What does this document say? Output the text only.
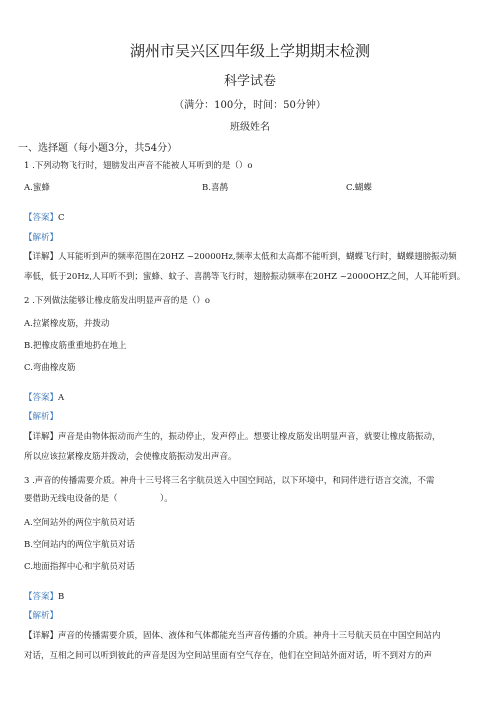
湖州市吴兴区四年级上学期期末检测
科学试卷
（满分：100分，时间：50分钟）
班级姓名
一、选择题（每小题3分，共54分）
1 .下列动物飞行时，翅膀发出声音不能被人耳听到的是（）o
A.蜜蜂	B.喜鹊	C.蝴蝶
【答案】C
【解析】
【详解】人耳能听到声的频率范围在20HZ ~20000Hz,频率太低和太高都不能听到，蝴蝶飞行时，蝴蝶翅膀振动频
率低，低于20Hz,人耳听不到；蜜蜂、蚊子、喜鹊等飞行时，翅膀振动频率在20HZ ~2000OHZ之间，人耳能听到。
2 .下列做法能够让橡皮筋发出明显声音的是（）o
A.拉紧橡皮筋，并拨动
B.把橡皮筋重重地扔在地上
C.弯曲橡皮筋
【答案】A
【解析】
【详解】声音是由物体振动而产生的，振动停止，发声停止。想要让橡皮筋发出明显声音，就要让橡皮筋振动，
所以应该拉紧橡皮筋并拨动，会使橡皮筋振动发出声音。
3 .声音的传播需要介质。神舟十三号将三名宇航员送入中国空间站，以下环境中，和同伴进行语言交流，不需
要借助无线电设备的是（　　　　　）。
A.空间站外的两位宇航员对话
B.空间站内的两位宇航员对话
C.地面指挥中心和宇航员对话
【答案】B
【解析】
【详解】声音的传播需要介质，固体、液体和气体都能充当声音传播的介质。神舟十三号航天员在中国空间站内
对话，互相之间可以听到彼此的声音是因为空间站里面有空气存在，他们在空间站外面对话，听不到对方的声
